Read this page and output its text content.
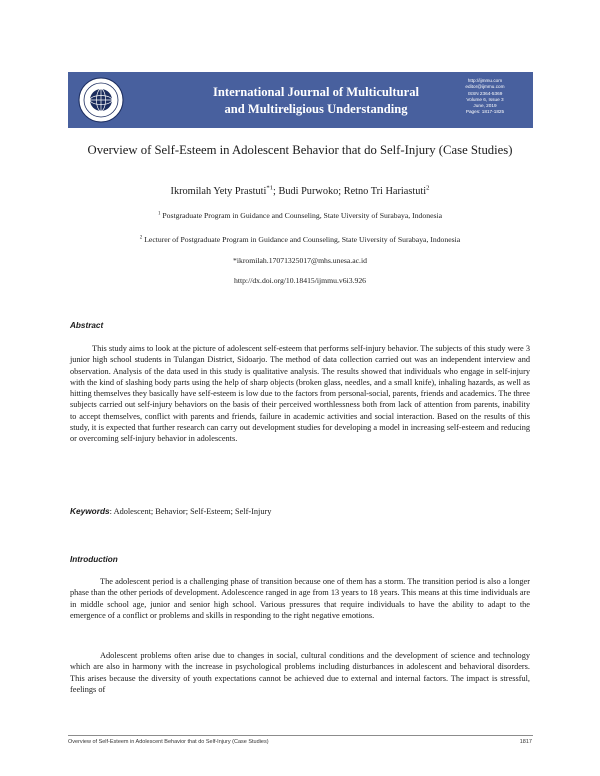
International Journal of Multicultural
and Multireligious Understanding
http://ijmmu.com
editor@ijmmu.com
ISSN 2364-5369
Volume 6, Issue 3
June, 2019
Pages: 1817-1825
Overview of Self-Esteem in Adolescent Behavior that do Self-Injury (Case Studies)
Ikromilah Yety Prastuti$^{*1}$; Budi Purwoko; Retno Tri Hariastuti$^2$
$^1$ Postgraduate Program in Guidance and Counseling, State Uiversity of Surabaya, Indonesia
$^2$ Lecturer of Postgraduate Program in Guidance and Counseling, State Uiversity of Surabaya, Indonesia
*ikromilah.17071325017@mhs.unesa.ac.id
http://dx.doi.org/10.18415/ijmmu.v6i3.926
Abstract

This study aims to look at the picture of adolescent self-esteem that performs self-injury behavior. The subjects of this study were 3 junior high school students in Tulangan District, Sidoarjo. The method of data collection carried out was an independent interview and observation. Analysis of the data used in this study is qualitative analysis. The results showed that individuals who engage in self-injury with the kind of slashing body parts using the help of sharp objects (broken glass, needles, and a small knife), inhaling hazards, as well as hitting themselves they basically have self-esteem is low due to the factors from personal-social, parents, friends and academics. The three subjects carried out self-injury behaviors on the basis of their perceived worthlessness both from lack of attention from parents, inability to accept themselves, conflict with parents and friends, failure in academic activities and social interaction. Based on the results of this study, it is expected that further research can carry out development studies for developing a model in increasing self-esteem and reducing or overcoming self-injury behavior in adolescents.

Keywords: Adolescent; Behavior; Self-Esteem; Self-Injury
Introduction

The adolescent period is a challenging phase of transition because one of them has a storm. The transition period is also a longer phase than the other periods of development. Adolescence ranged in age from 13 years to 18 years. This means at this time individuals are in middle school age, junior and senior high school. Various pressures that require individuals to have the ability to adapt to the emergence of a conflict or problems and skills in responding to the right negative emotions.

Adolescent problems often arise due to changes in social, cultural conditions and the development of science and technology which are also in harmony with the increase in psychological problems including disturbances in adolescent and behavioral disorders. This arises because the diversity of youth expectations cannot be achieved due to external and internal factors. The impact is stressful, feelings of

Overview of Self-Esteem in Adolescent Behavior that do Self-Injury (Case Studies)	1817
